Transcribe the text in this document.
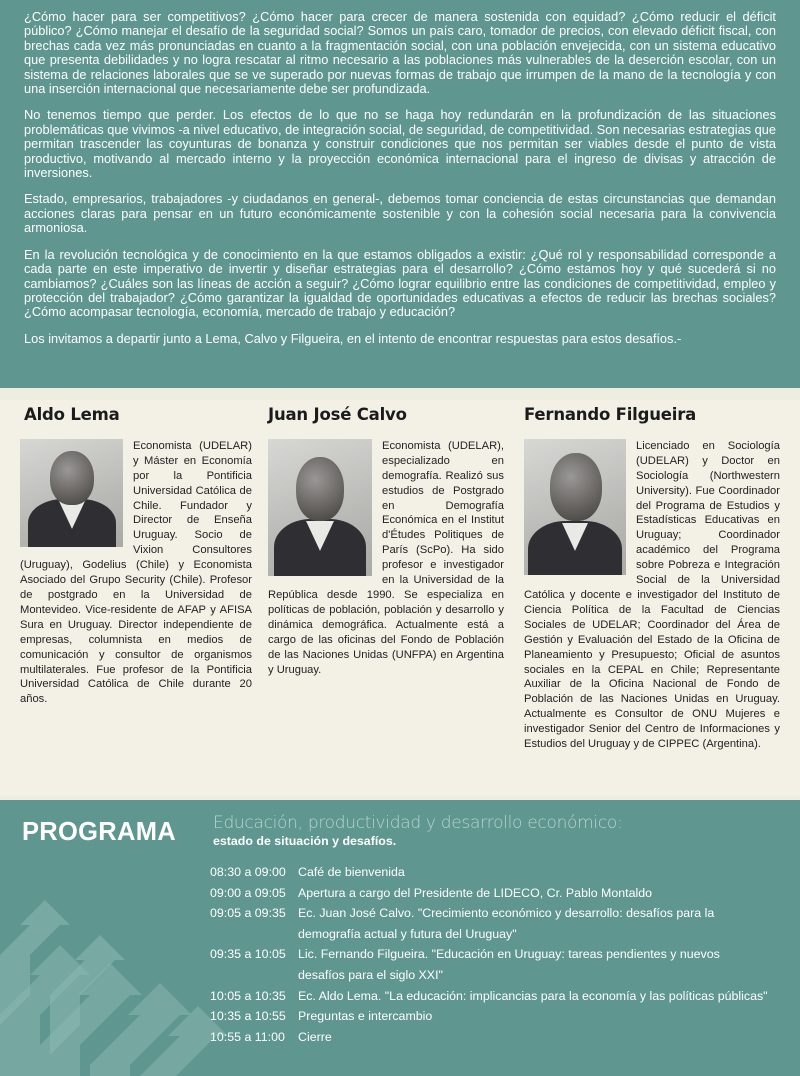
¿Cómo hacer para ser competitivos? ¿Cómo hacer para crecer de manera sostenida con equidad? ¿Cómo reducir el déficit público? ¿Cómo manejar el desafío de la seguridad social? Somos un país caro, tomador de precios, con elevado déficit fiscal, con brechas cada vez más pronunciadas en cuanto a la fragmentación social, con una población envejecida, con un sistema educativo que presenta debilidades y no logra rescatar al ritmo necesario a las poblaciones más vulnerables de la deserción escolar, con un sistema de relaciones laborales que se ve superado por nuevas formas de trabajo que irrumpen de la mano de la tecnología y con una inserción internacional que necesariamente debe ser profundizada.

No tenemos tiempo que perder. Los efectos de lo que no se haga hoy redundarán en la profundización de las situaciones problemáticas que vivimos -a nivel educativo, de integración social, de seguridad, de competitividad. Son necesarias estrategias que permitan trascender las coyunturas de bonanza y construir condiciones que nos permitan ser viables desde el punto de vista productivo, motivando al mercado interno y la proyección económica internacional para el ingreso de divisas y atracción de inversiones.

Estado, empresarios, trabajadores -y ciudadanos en general-, debemos tomar conciencia de estas circunstancias que demandan acciones claras para pensar en un futuro económicamente sostenible y con la cohesión social necesaria para la convivencia armoniosa.

En la revolución tecnológica y de conocimiento en la que estamos obligados a existir: ¿Qué rol y responsabilidad corresponde a cada parte en este imperativo de invertir y diseñar estrategias para el desarrollo? ¿Cómo estamos hoy y qué sucederá si no cambiamos? ¿Cuáles son las líneas de acción a seguir? ¿Cómo lograr equilibrio entre las condiciones de competitividad, empleo y protección del trabajador? ¿Cómo garantizar la igualdad de oportunidades educativas a efectos de reducir las brechas sociales? ¿Cómo acompasar tecnología, economía, mercado de trabajo y educación?

Los invitamos a departir junto a Lema, Calvo y Filgueira, en el intento de encontrar respuestas para estos desafíos.-

Aldo Lema
Economista (UDELAR) y Máster en Economía por la Pontificia Universidad Católica de Chile. Fundador y Director de Enseña Uruguay. Socio de Vixion Consultores (Uruguay), Godelius (Chile) y Economista Asociado del Grupo Security (Chile). Profesor de postgrado en la Universidad de Montevideo. Vice-residente de AFAP y AFISA Sura en Uruguay. Director independiente de empresas, columnista en medios de comunicación y consultor de organismos multilaterales. Fue profesor de la Pontificia Universidad Católica de Chile durante 20 años.
Juan José Calvo
Economista (UDELAR), especializado en demografía. Realizó sus estudios de Postgrado en Demografía Económica en el Institut d'Études Politiques de París (ScPo). Ha sido profesor e investigador en la Universidad de la República desde 1990. Se especializa en políticas de población, población y desarrollo y dinámica demográfica. Actualmente está a cargo de las oficinas del Fondo de Población de las Naciones Unidas (UNFPA) en Argentina y Uruguay.
Fernando Filgueira
Licenciado en Sociología (UDELAR) y Doctor en Sociología (Northwestern University). Fue Coordinador del Programa de Estudios y Estadísticas Educativas en Uruguay; Coordinador académico del Programa sobre Pobreza e Integración Social de la Universidad Católica y docente e investigador del Instituto de Ciencia Política de la Facultad de Ciencias Sociales de UDELAR; Coordinador del Área de Gestión y Evaluación del Estado de la Oficina de Planeamiento y Presupuesto; Oficial de asuntos sociales en la CEPAL en Chile; Representante Auxiliar de la Oficina Nacional de Fondo de Población de las Naciones Unidas en Uruguay. Actualmente es Consultor de ONU Mujeres e investigador Senior del Centro de Informaciones y Estudios del Uruguay y de CIPPEC (Argentina).
PROGRAMA Educación, productividad y desarrollo económico:
estado de situación y desafíos.
08:30 a 09:00 Café de bienvenida
09:00 a 09:05 Apertura a cargo del Presidente de LIDECO, Cr. Pablo Montaldo
09:05 a 09:35 Ec. Juan José Calvo. "Crecimiento económico y desarrollo: desafíos para la demografía actual y futura del Uruguay"
09:35 a 10:05 Lic. Fernando Filgueira. "Educación en Uruguay: tareas pendientes y nuevos desafíos para el siglo XXI"
10:05 a 10:35 Ec. Aldo Lema. "La educación: implicancias para la economía y las políticas públicas"
10:35 a 10:55 Preguntas e intercambio
10:55 a 11:00	Cierre
